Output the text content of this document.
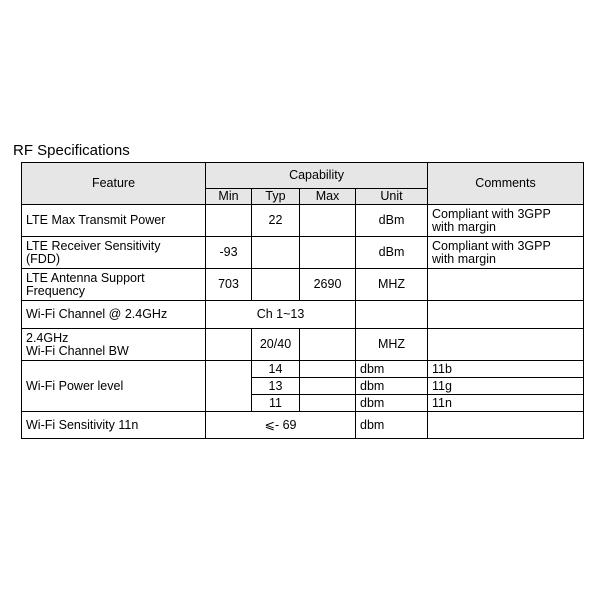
RF Specifications
Feature	Capability				Comments
	Min	Typ	Max	Unit	
LTE Max Transmit Power		22		dBm	Compliant with 3GPP
with margin

LTE Receiver Sensitivity
(FDD)	-93			dBm	Compliant with 3GPP
with margin

LTE Antenna Support
Frequency	703		2690	MHZ	
Wi-Fi Channel @ 2.4GHz	Ch 1~13				

2.4GHz
Wi-Fi Channel BW		20/40		MHZ	
Wi-Fi Power level		14		dbm	11b
		13		dbm	11g
		11		dbm	11n
Wi-Fi Sensitivity 11n	⩽- 69			dbm	
